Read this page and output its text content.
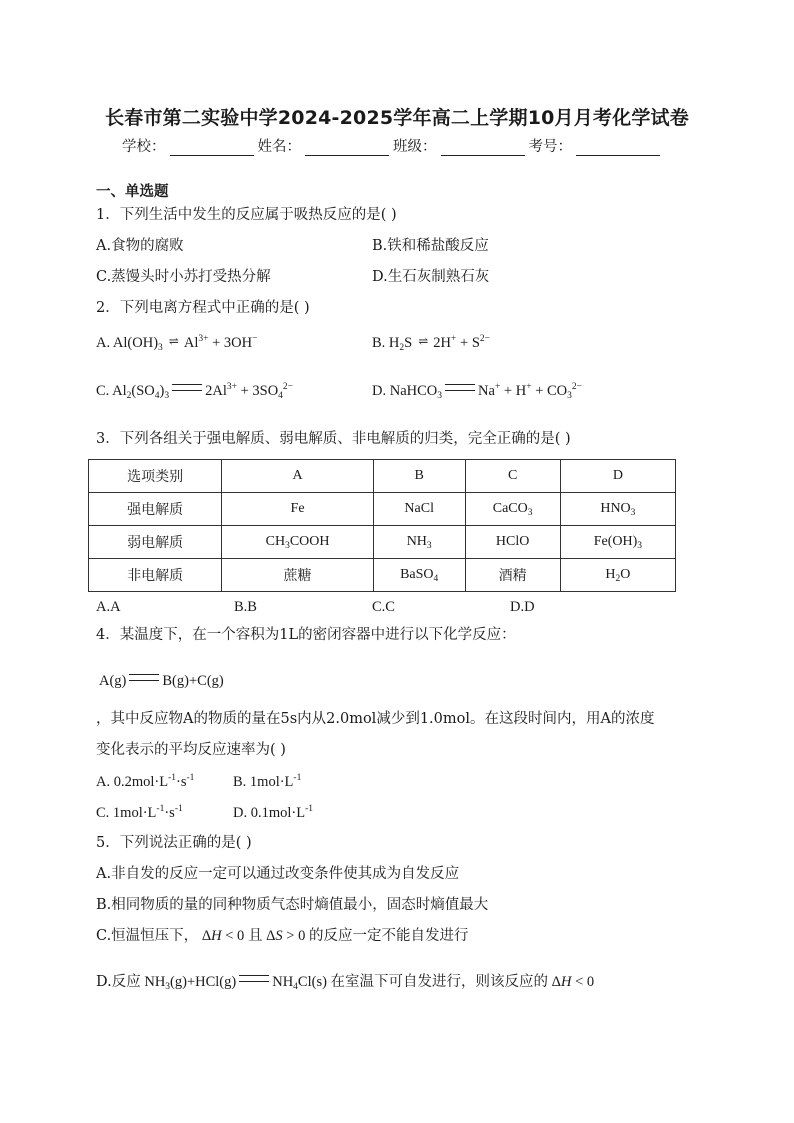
长春市第二实验中学2024-2025学年高二上学期10月月考化学试卷
学校：	姓名：	班级：	考号：
一、单选题
1．下列生活中发生的反应属于吸热反应的是( )
A.食物的腐败	B.铁和稀盐酸反应
C.蒸馒头时小苏打受热分解	D.生石灰制熟石灰
2．下列电离方程式中正确的是( )
A. $Al(OH)_3$ ⇌ $Al^{3+} + 3OH^-$	B. $H_2S$ ⇌ $2H^+ + S^{2-}$
C. $Al_2(SO_4)_3$ $2Al^{3+} + 3SO_4^{2-}$	D. NaHCO$_3$ $Na^+ + H^+ + CO_3^{2-}$
3．下列各组关于强电解质、弱电解质、非电解质的归类，完全正确的是( )
选项类别	A	B	C	D
强电解质	Fe	NaCl	CaCO$_3$	$HNO_3$
弱电解质	$CH_3COOH$	$NH_3$	HClO	$Fe(OH)_3$
非电解质	蔗糖	BaSO$_4$	酒精	$H_2O$
A.A	B.B	C.C	D.D
4．某温度下，在一个容积为1L的密闭容器中进行以下化学反应：
A(g) B(g)+C(g)
，其中反应物A的物质的量在5s内从2.0mol减少到1.0mol。在这段时间内，用A的浓度
变化表示的平均反应速率为( )
A. $0.2mol\cdot L^{-1}\cdot s^{-1}$	B. $1mol\cdot L^{-1}$
C. $1mol\cdot L^{-1}\cdot s^{-1}$	D. $0.1mol\cdot L^{-1}$
5．下列说法正确的是( )
A.非自发的反应一定可以通过改变条件使其成为自发反应
B.相同物质的量的同种物质气态时熵值最小，固态时熵值最大
C.恒温恒压下， ΔH < 0 且 ΔS > 0 的反应一定不能自发进行
D.反应 $NH_3(g)+HCl(g)$ $NH_4Cl(s)$ 在室温下可自发进行，则该反应的 ΔH < 0
